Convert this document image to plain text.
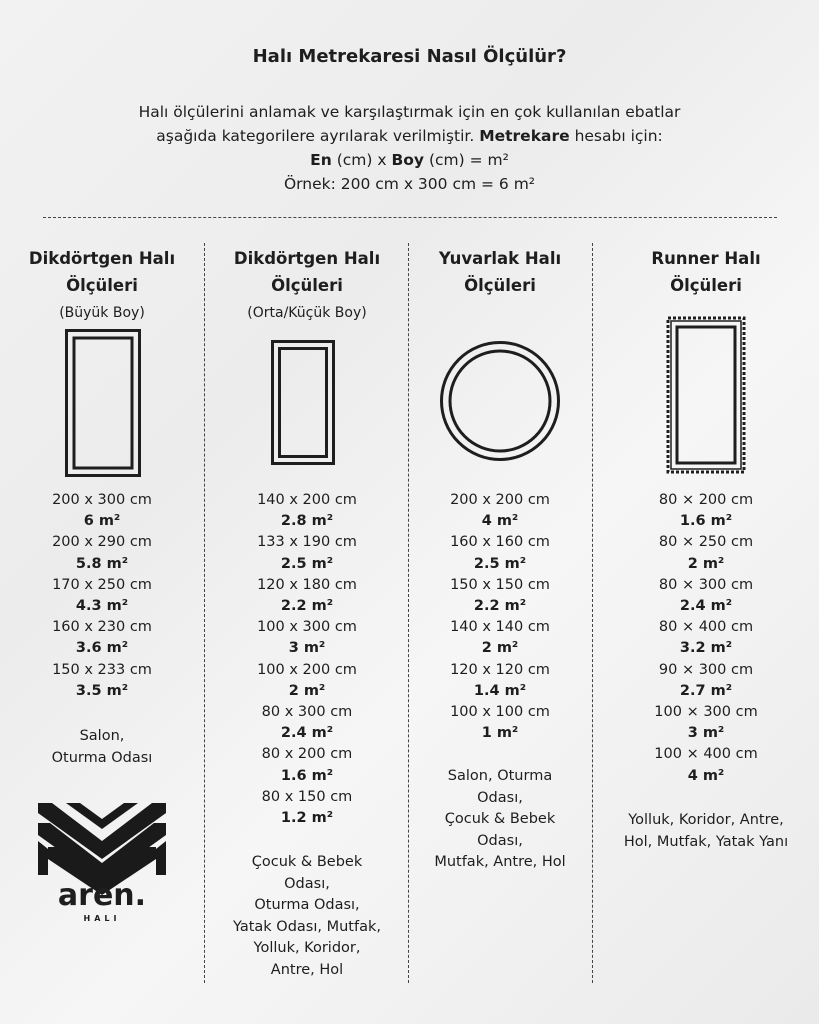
Halı Metrekaresi Nasıl Ölçülür?

Halı ölçülerini anlamak ve karşılaştırmak için en çok kullanılan ebatlar

aşağıda kategorilere ayrılarak verilmiştir. Metrekare hesabı için:

En (cm) x Boy (cm) = m²

Örnek: 200 cm x 300 cm = 6 m²

Dikdörtgen Halı
Ölçüleri
(Büyük Boy)
200 x 300 cm
6 m²
200 x 290 cm
5.8 m²
170 x 250 cm
4.3 m²
160 x 230 cm
3.6 m²
150 x 233 cm
3.5 m²
Salon,
Oturma Odası
Dikdörtgen Halı
Ölçüleri
(Orta/Küçük Boy)
140 x 200 cm
2.8 m²
133 x 190 cm
2.5 m²
120 x 180 cm
2.2 m²
100 x 300 cm
3 m²
100 x 200 cm
2 m²
80 x 300 cm
2.4 m²
80 x 200 cm
1.6 m²
80 x 150 cm
1.2 m²
Çocuk & Bebek
Odası,
Oturma Odası,
Yatak Odası, Mutfak,
Yolluk, Koridor,
Antre, Hol
Yuvarlak Halı
Ölçüleri
200 x 200 cm
4 m²
160 x 160 cm
2.5 m²
150 x 150 cm
2.2 m²
140 x 140 cm
2 m²
120 x 120 cm
1.4 m²
100 x 100 cm
1 m²
Salon, Oturma
Odası,
Çocuk & Bebek
Odası,
Mutfak, Antre, Hol
Runner Halı
Ölçüleri
80 × 200 cm
1.6 m²
80 × 250 cm
2 m²
80 × 300 cm
2.4 m²
80 × 400 cm
3.2 m²
90 × 300 cm
2.7 m²
100 × 300 cm
3 m²
100 × 400 cm
4 m²
Yolluk, Koridor, Antre,
Hol, Mutfak, Yatak Yanı
aren.
HALI
